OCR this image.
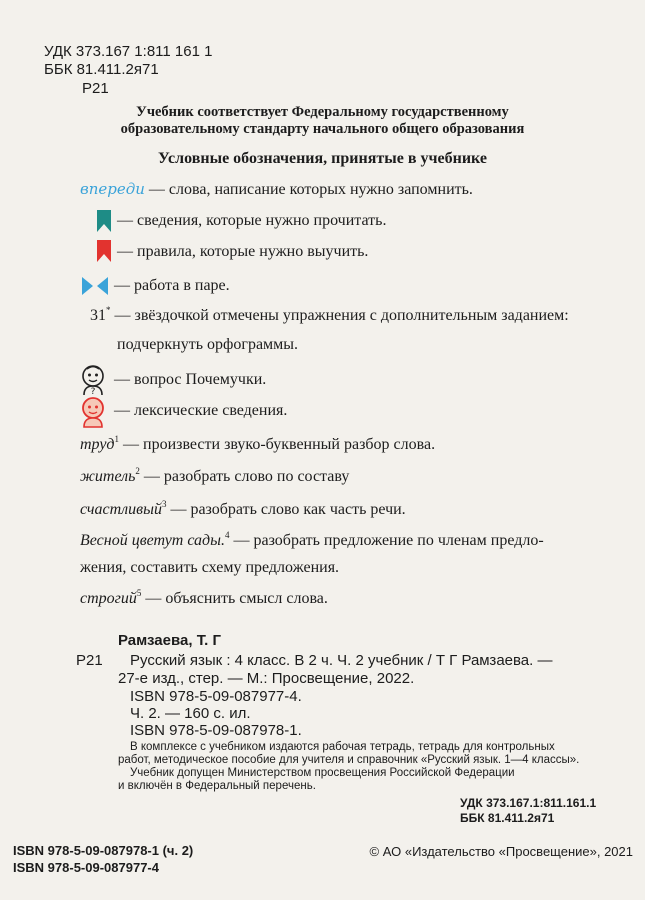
УДК 373.167 1:811 161 1
ББК 81.411.2я71
Р21
Учебник соответствует Федеральному государственному
образовательному стандарту начального общего образования
Условные обозначения, принятые в учебнике
впереди — слова, написание которых нужно запомнить.
— сведения, которые нужно прочитать.
— правила, которые нужно выучить.
— работа в паре.
31* — звёздочкой отмечены упражнения с дополнительным заданием:
подчеркнуть орфограммы.
?
— вопрос Почемучки.
— лексические сведения.
труд$^1$ — произвести звуко-буквенный разбор слова.
житель$^2$ — разобрать слово по составу
счастливый$^3$ — разобрать слово как часть речи.
Весной цветут сады.$^4$ — разобрать предложение по членам предло-
жения, составить схему предложения.
строгий$^5$ — объяснить смысл слова.
Рамзаева, Т. Г
Р21 Русский язык : 4 класс. В 2 ч. Ч. 2 учебник / Т Г Рамзаева. —
27-е изд., стер. — М.: Просвещение, 2022.
ISBN 978-5-09-087977-4.
Ч. 2. — 160 с. ил.
ISBN 978-5-09-087978-1.
В комплексе с учебником издаются рабочая тетрадь, тетрадь для контрольных
работ, методическое пособие для учителя и справочник «Русский язык. 1—4 классы».
Учебник допущен Министерством просвещения Российской Федерации
и включён в Федеральный перечень.
УДК 373.167.1:811.161.1
ББК 81.411.2я71
ISBN 978-5-09-087978-1 (ч. 2)
ISBN 978-5-09-087977-4
© АО «Издательство «Просвещение», 2021
